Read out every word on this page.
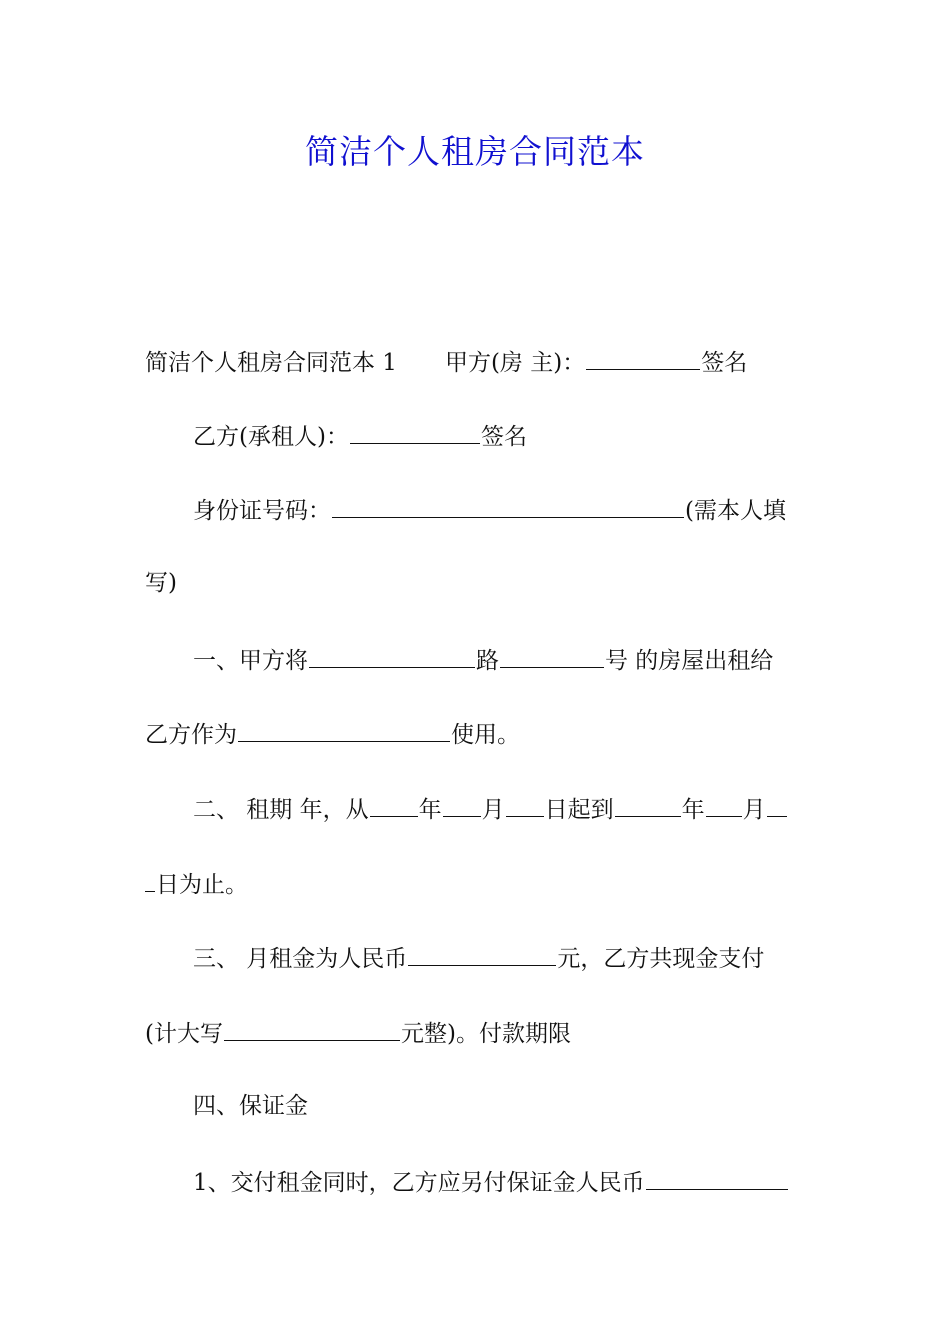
简洁个人租房合同范本
简洁个人租房合同范本 1 甲方(房 主)：	签名
乙方(承租人)：	签名
身份证号码：	(需本人填
写)
一、甲方将	路	号 的房屋出租给
乙方作为	使用。
二、 租期 年，从 年 月 日起到	年 月
日为止。
三、 月租金为人民币	元，乙方共现金支付
(计大写	元整)。付款期限
四、保证金
1、交付租金同时，乙方应另付保证金人民币
